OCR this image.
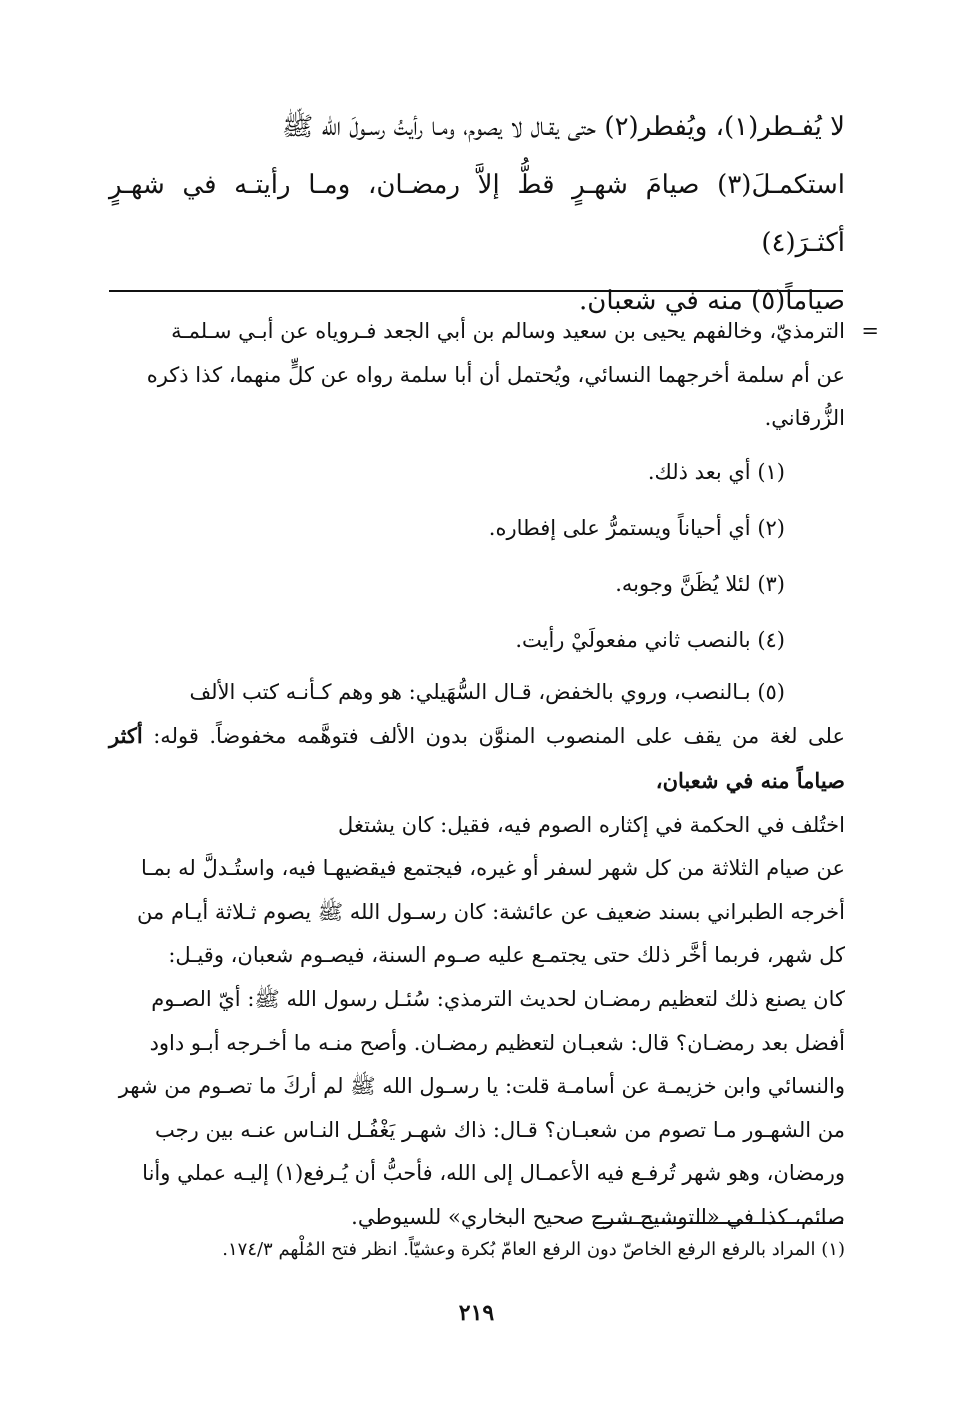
لا يُفـطر(١)، ويُفطر(٢) حتى يقـال لا يصوم، ومـا رأيتُ رسـولَ الله ﷺ

استكمـلَ(٣) صيامَ شهـرٍ قطُّ إلاَّ رمضـان، ومـا رأيتـه في شهـرٍ أكثـرَ(٤)

صياماً(٥) منه في شعبان.

=
الترمذيّ، وخالفهم يحيى بن سعيد وسالم بن أبي الجعد فـروياه عن أبـي سـلمـة

عن أم سلمة أخرجهما النسائي، ويُحتمل أن أبا سلمة رواه عن كلٍّ منهما، كذا ذكره

الزُّرقاني.

(١) أي بعد ذلك.

(٢) أي أحياناً ويستمرُّ على إفطاره.

(٣) لئلا يُظَنَّ وجوبه.

(٤) بالنصب ثاني مفعولَيْ رأيت.

(٥) بـالنصب، وروي بالخفض، قـال السُّهَيلي: هو وهم كـأنـه كتب الألف

على لغة من يقف على المنصوب المنوَّن بدون الألف فتوهَّمه مخفوضاً. قوله: أكثر صياماً منه في شعبان،

اختُلف في الحكمة في إكثاره الصوم فيه، فقيل: كان يشتغل

عن صيام الثلاثة من كل شهر لسفر أو غيره، فيجتمع فيقضيهـا فيه، واستُـدلَّ له بمـا

أخرجه الطبراني بسند ضعيف عن عائشة: كان رسـول الله ﷺ يصوم ثـلاثة أيـام من

كل شهر، فربما أخَّر ذلك حتى يجتمـع عليه صـوم السنة، فيصـوم شعبان، وقيـل:

كان يصنع ذلك لتعظيم رمضـان لحديث الترمذي: سُئـل رسول الله ﷺ: أيّ الصـوم

أفضل بعد رمضـان؟ قال: شعبـان لتعظيم رمضـان. وأصح منـه ما أخـرجه أبـو داود

والنسائي وابن خزيمـة عن أسامـة قلت: يا رسـول الله ﷺ لم أركَ ما تصـوم من شهر

من الشهـور مـا تصوم من شعبـان؟ قـال: ذاك شهـر يَغْفُـل النـاس عنـه بين رجب

ورمضان، وهو شهر تُرفـع فيه الأعمـال إلى الله، فأحبُّ أن يُـرفع(١) إليـه عملي وأنا

صائم، كذا في «التوشيح شرح صحيح البخاري» للسيوطي.

(١) المراد بالرفع الرفع الخاصّ دون الرفع العامّ بُكرة وعشيّاً. انظر فتح المُلْهم ١٧٤/٣.
٢١٩
